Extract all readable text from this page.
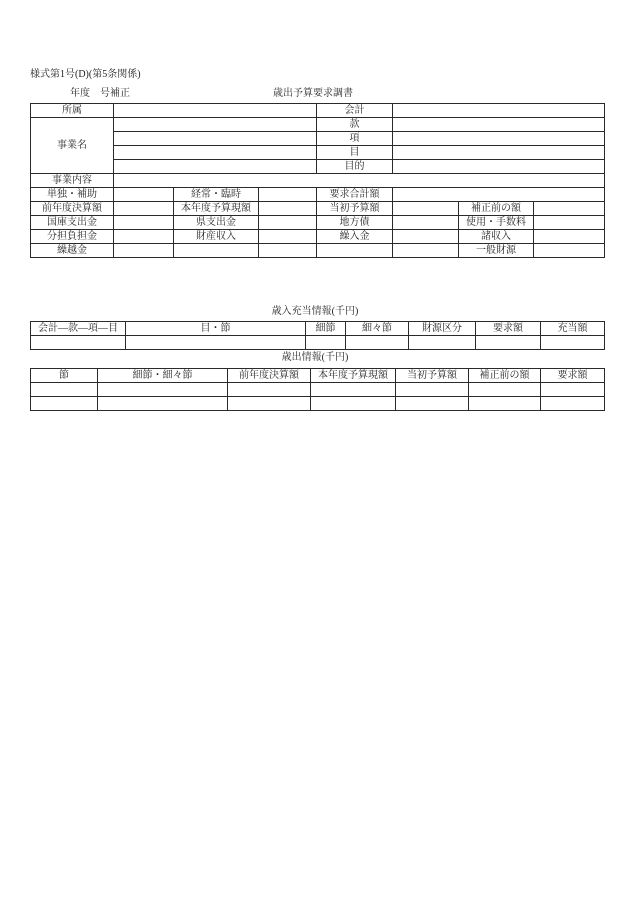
様式第1号(D)(第5条関係)
年度　号補正	歳出予算要求調書
所属				会計			
事業名				款			
				項			
				目			
				目的			
事業内容							
単独・補助		経常・臨時		要求合計額			
前年度決算額		本年度予算現額		当初予算額		補正前の額	
国庫支出金		県支出金		地方債		使用・手数料	
分担負担金		財産収入		繰入金		諸収入	
繰越金						一般財源	
歳入充当情報(千円)
会計―款―項―目	目・節	細節	細々節	財源区分	要求額	充当額

歳出情報(千円)
節	細節・細々節	前年度決算額	本年度予算現額	当初予算額	補正前の額	要求額
